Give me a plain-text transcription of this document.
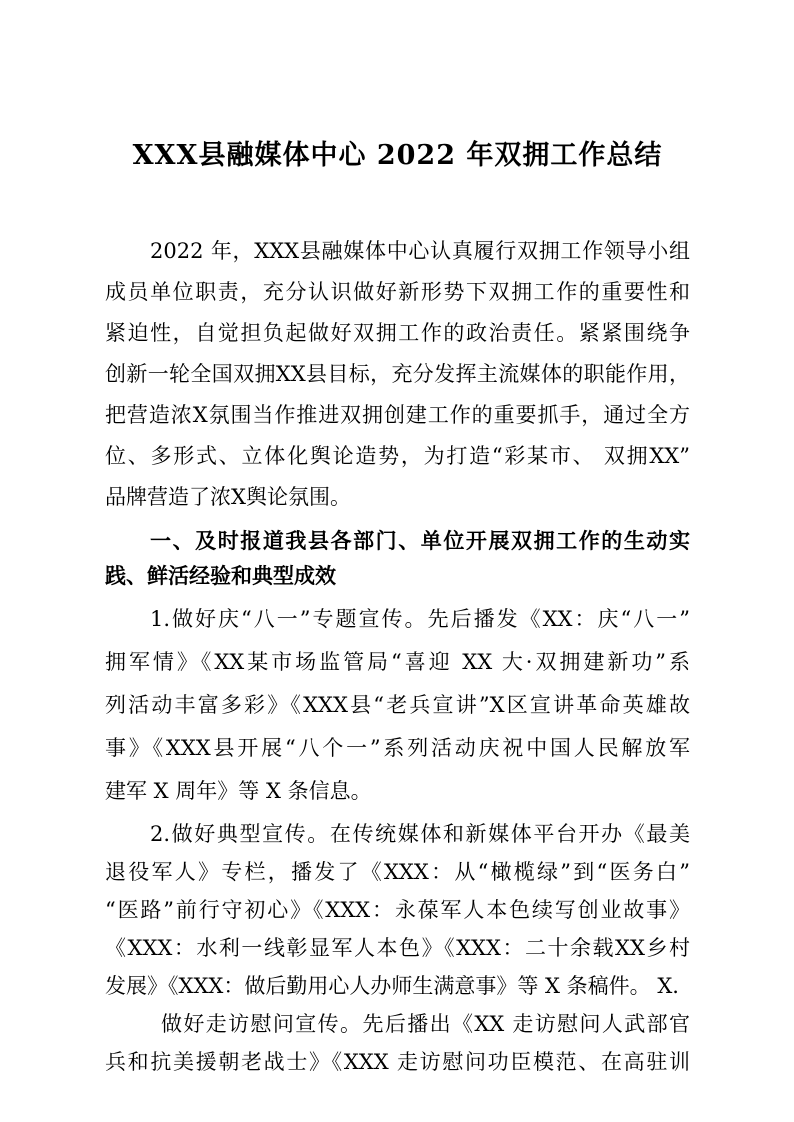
XXX县融媒体中心 2022 年双拥工作总结
2022 年，XXX县融媒体中心认真履行双拥工作领导小组
成员单位职责，充分认识做好新形势下双拥工作的重要性和
紧迫性，自觉担负起做好双拥工作的政治责任。紧紧围绕争
创新一轮全国双拥XX县目标，充分发挥主流媒体的职能作用，
把营造浓X氛围当作推进双拥创建工作的重要抓手，通过全方
位、多形式、立体化舆论造势，为打造“彩某市、 双拥XX”
品牌营造了浓X舆论氛围。
一、及时报道我县各部门、单位开展双拥工作的生动实
践、鲜活经验和典型成效
1.做好庆“八一”专题宣传。先后播发《XX：庆“八一”
拥军情》《XX某市场监管局“喜迎 XX 大·双拥建新功”系
列活动丰富多彩》《XXX县“老兵宣讲”X区宣讲革命英雄故
事》《XXX县开展“八个一”系列活动庆祝中国人民解放军
建军 X 周年》等 X 条信息。
2.做好典型宣传。在传统媒体和新媒体平台开办《最美
退役军人》专栏，播发了《XXX：从“橄榄绿”到“医务白”
“医路”前行守初心》《XXX：永葆军人本色续写创业故事》
《XXX：水利一线彰显军人本色》《XXX：二十余载XX乡村
发展》《XXX：做后勤用心人办师生满意事》等 X 条稿件。 X.
做好走访慰问宣传。先后播出《XX 走访慰问人武部官
兵和抗美援朝老战士》《XXX 走访慰问功臣模范、在高驻训
